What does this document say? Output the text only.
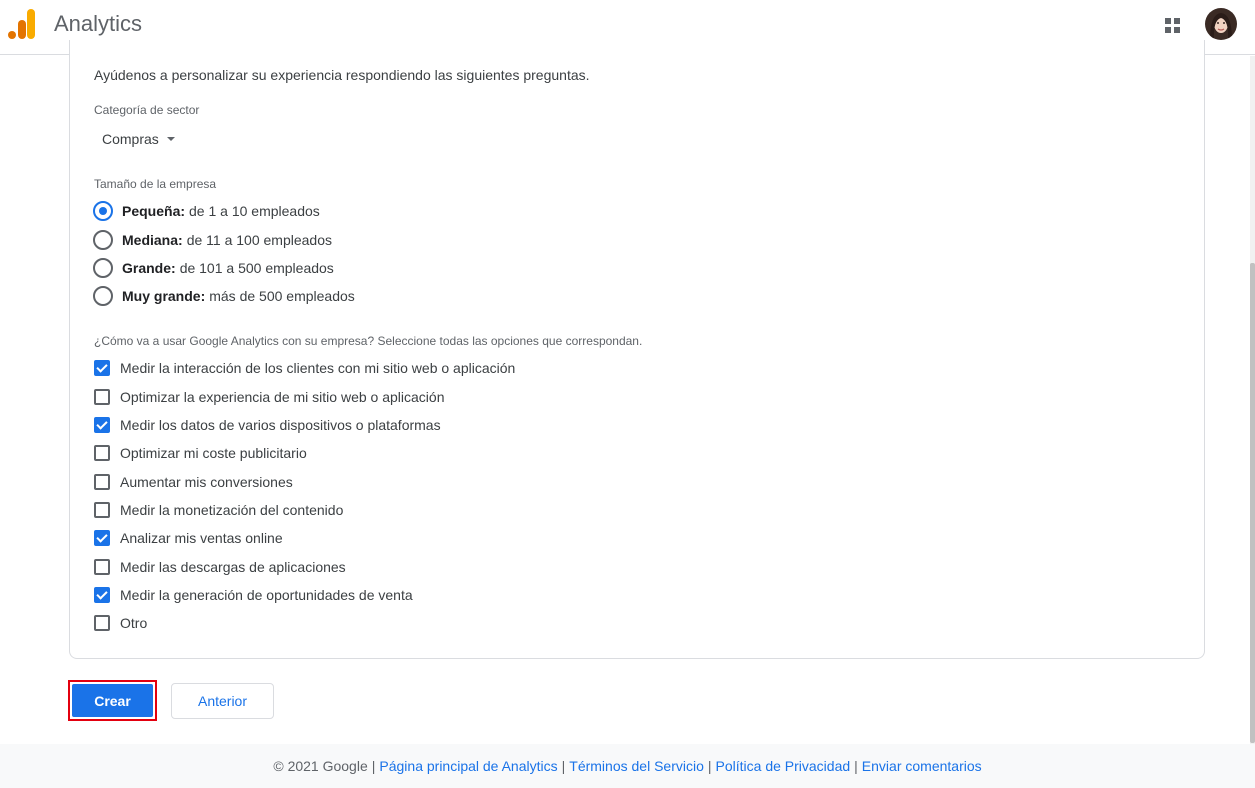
Analytics
Ayúdenos a personalizar su experiencia respondiendo las siguientes preguntas.
Categoría de sector
Compras
Tamaño de la empresa
Pequeña: de 1 a 10 empleados
Mediana: de 11 a 100 empleados
Grande: de 101 a 500 empleados
Muy grande: más de 500 empleados
¿Cómo va a usar Google Analytics con su empresa? Seleccione todas las opciones que correspondan.
Medir la interacción de los clientes con mi sitio web o aplicación
Optimizar la experiencia de mi sitio web o aplicación
Medir los datos de varios dispositivos o plataformas
Optimizar mi coste publicitario
Aumentar mis conversiones
Medir la monetización del contenido
Analizar mis ventas online
Medir las descargas de aplicaciones
Medir la generación de oportunidades de venta
Otro
Crear	Anterior
© 2021 Google | Página principal de Analytics | Términos del Servicio | Política de Privacidad | Enviar comentarios
